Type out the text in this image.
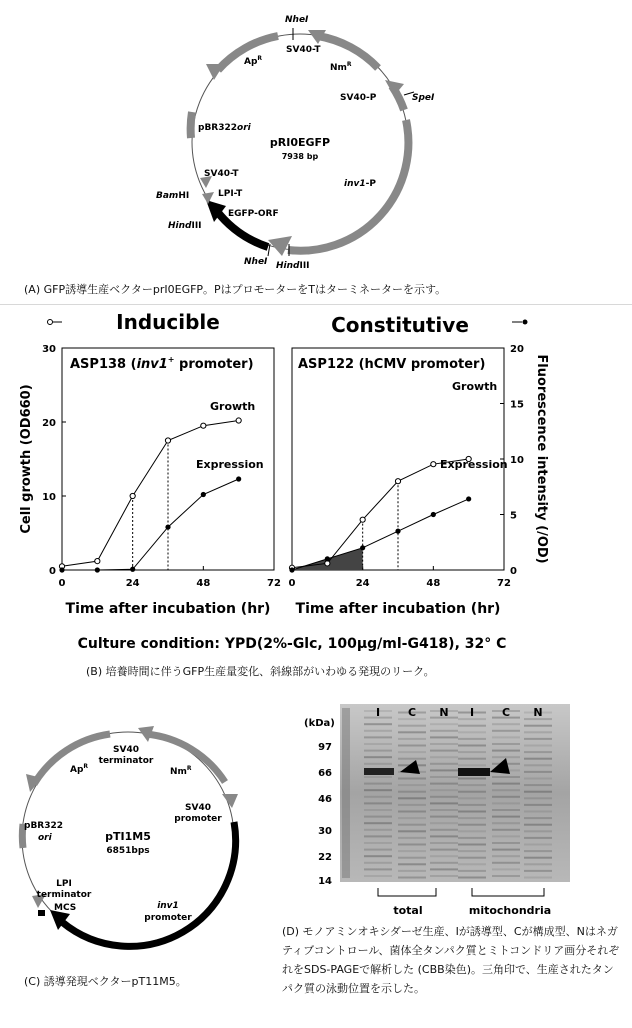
NheI
SV40-T
$Nm^R$
$Ap^R$
SpeI
SV40-P
pBR322ori
pRI0EGFP
7938 bp
inv1-P
SV40-T
BamHI	LPI-T
HindIII
EGFP-ORF
NheI HindIII
(A) GFP誘導生産ベクターprI0EGFP。PはプロモーターをTはターミネーターを示す。
Inducible	Constitutive
ASP138 (inv1+ promoter)	ASP122 (hCMV promoter)
Cell growth (OD660)	Fluorescence intensity (/OD)
Time after incubation (hr) Time after incubation (hr)
Culture condition: YPD(2%-Glc, 100μg/ml-G418), 32° C
0	24	48	72
0
10
20
30
Growth
Expression
0	24	48	72
0
5
10
15
20
Growth
Expression
(B) 培養時間に伴うGFP生産量変化、斜線部がいわゆる発現のリーク。
SV40
terminator
$Ap^R$
$Nm^R$
pBR322
ori
SV40
promoter
pTI1M5
6851bps
LPI
terminator
MCS	inv1
promoter
(C) 誘導発現ベクターpT11M5。
(kDa)
97
66
46
30
22
14
I	C N I	C N
total	mitochondria
(D) モノアミンオキシダーゼ生産、Iが誘導型、Cが構成型、Nはネガティブコントロール、菌体全タンパク質とミトコンドリア画分それぞれをSDS-PAGEで解析した (CBB染色)。三角印で、生産されたタンパク質の泳動位置を示した。
